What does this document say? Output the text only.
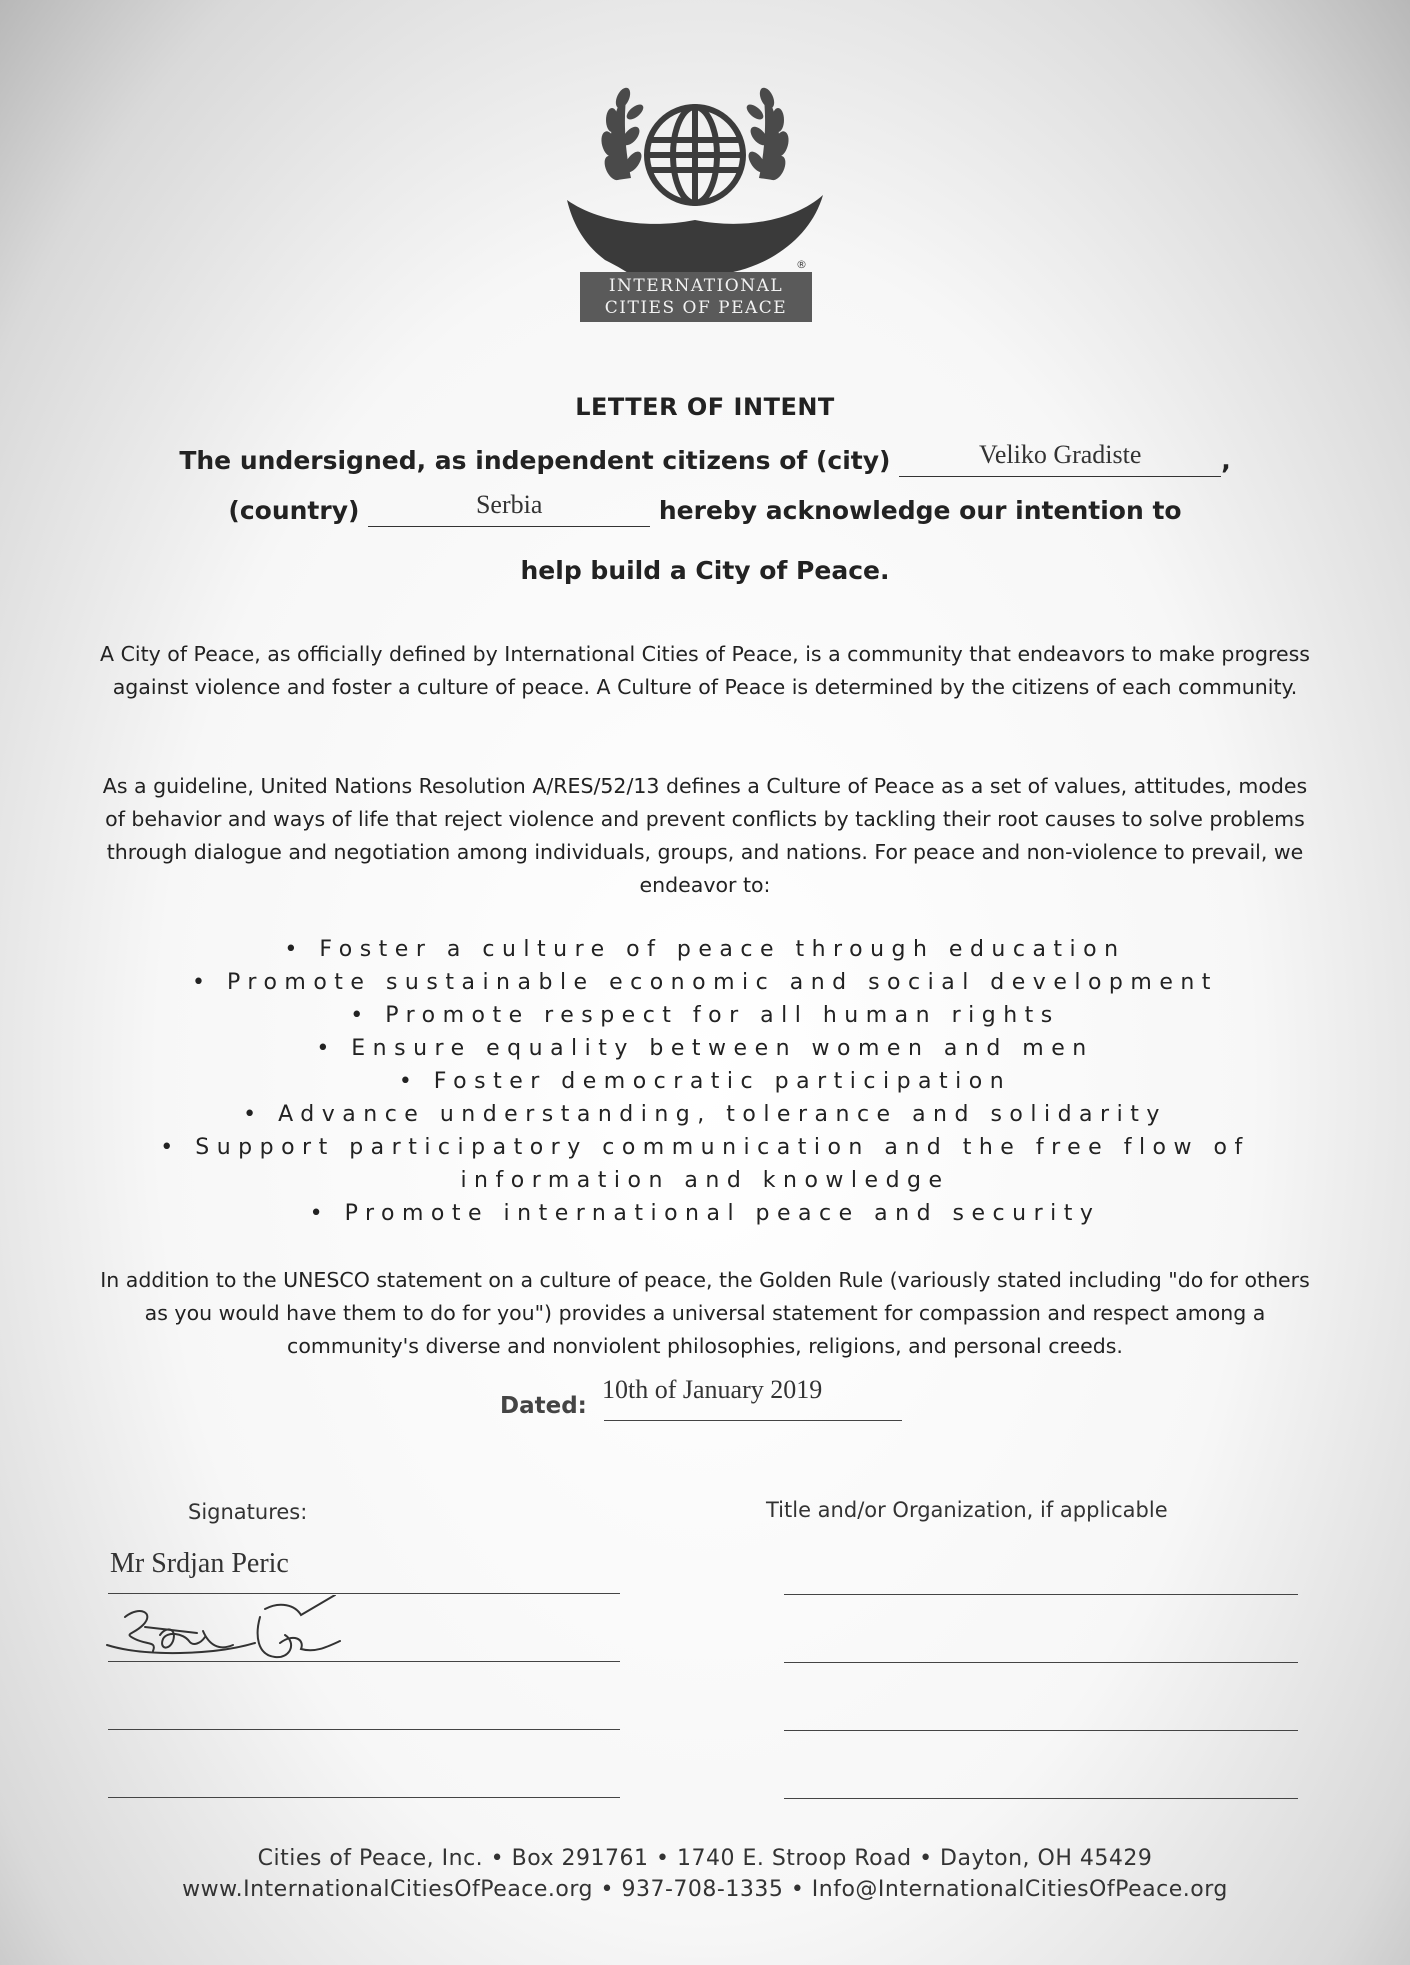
®
INTERNATIONAL
CITIES OF PEACE
LETTER OF INTENT
The undersigned, as independent citizens of (city)	Veliko Gradiste	,
(country)	Serbia	hereby acknowledge our intention to
help build a City of Peace.
A City of Peace, as officially defined by International Cities of Peace, is a community that endeavors to make progress against violence and foster a culture of peace. A Culture of Peace is determined by the citizens of each community.
As a guideline, United Nations Resolution A/RES/52/13 defines a Culture of Peace as a set of values, attitudes, modes of behavior and ways of life that reject violence and prevent conflicts by tackling their root causes to solve problems through dialogue and negotiation among individuals, groups, and nations. For peace and non-violence to prevail, we endeavor to:
• Foster a culture of peace through education
• Promote sustainable economic and social development
• Promote respect for all human rights
• Ensure equality between women and men
• Foster democratic participation
• Advance understanding, tolerance and solidarity
• Support participatory communication and the free flow of
information and knowledge
• Promote international peace and security
In addition to the UNESCO statement on a culture of peace, the Golden Rule (variously stated including "do for others as you would have them to do for you") provides a universal statement for compassion and respect among a community's diverse and nonviolent philosophies, religions, and personal creeds.
Dated:
10th of January 2019
Signatures:
Mr Srdjan Peric
Title and/or Organization, if applicable
Cities of Peace, Inc. • Box 291761 • 1740 E. Stroop Road • Dayton, OH 45429
www.InternationalCitiesOfPeace.org • 937-708-1335 • Info@InternationalCitiesOfPeace.org
